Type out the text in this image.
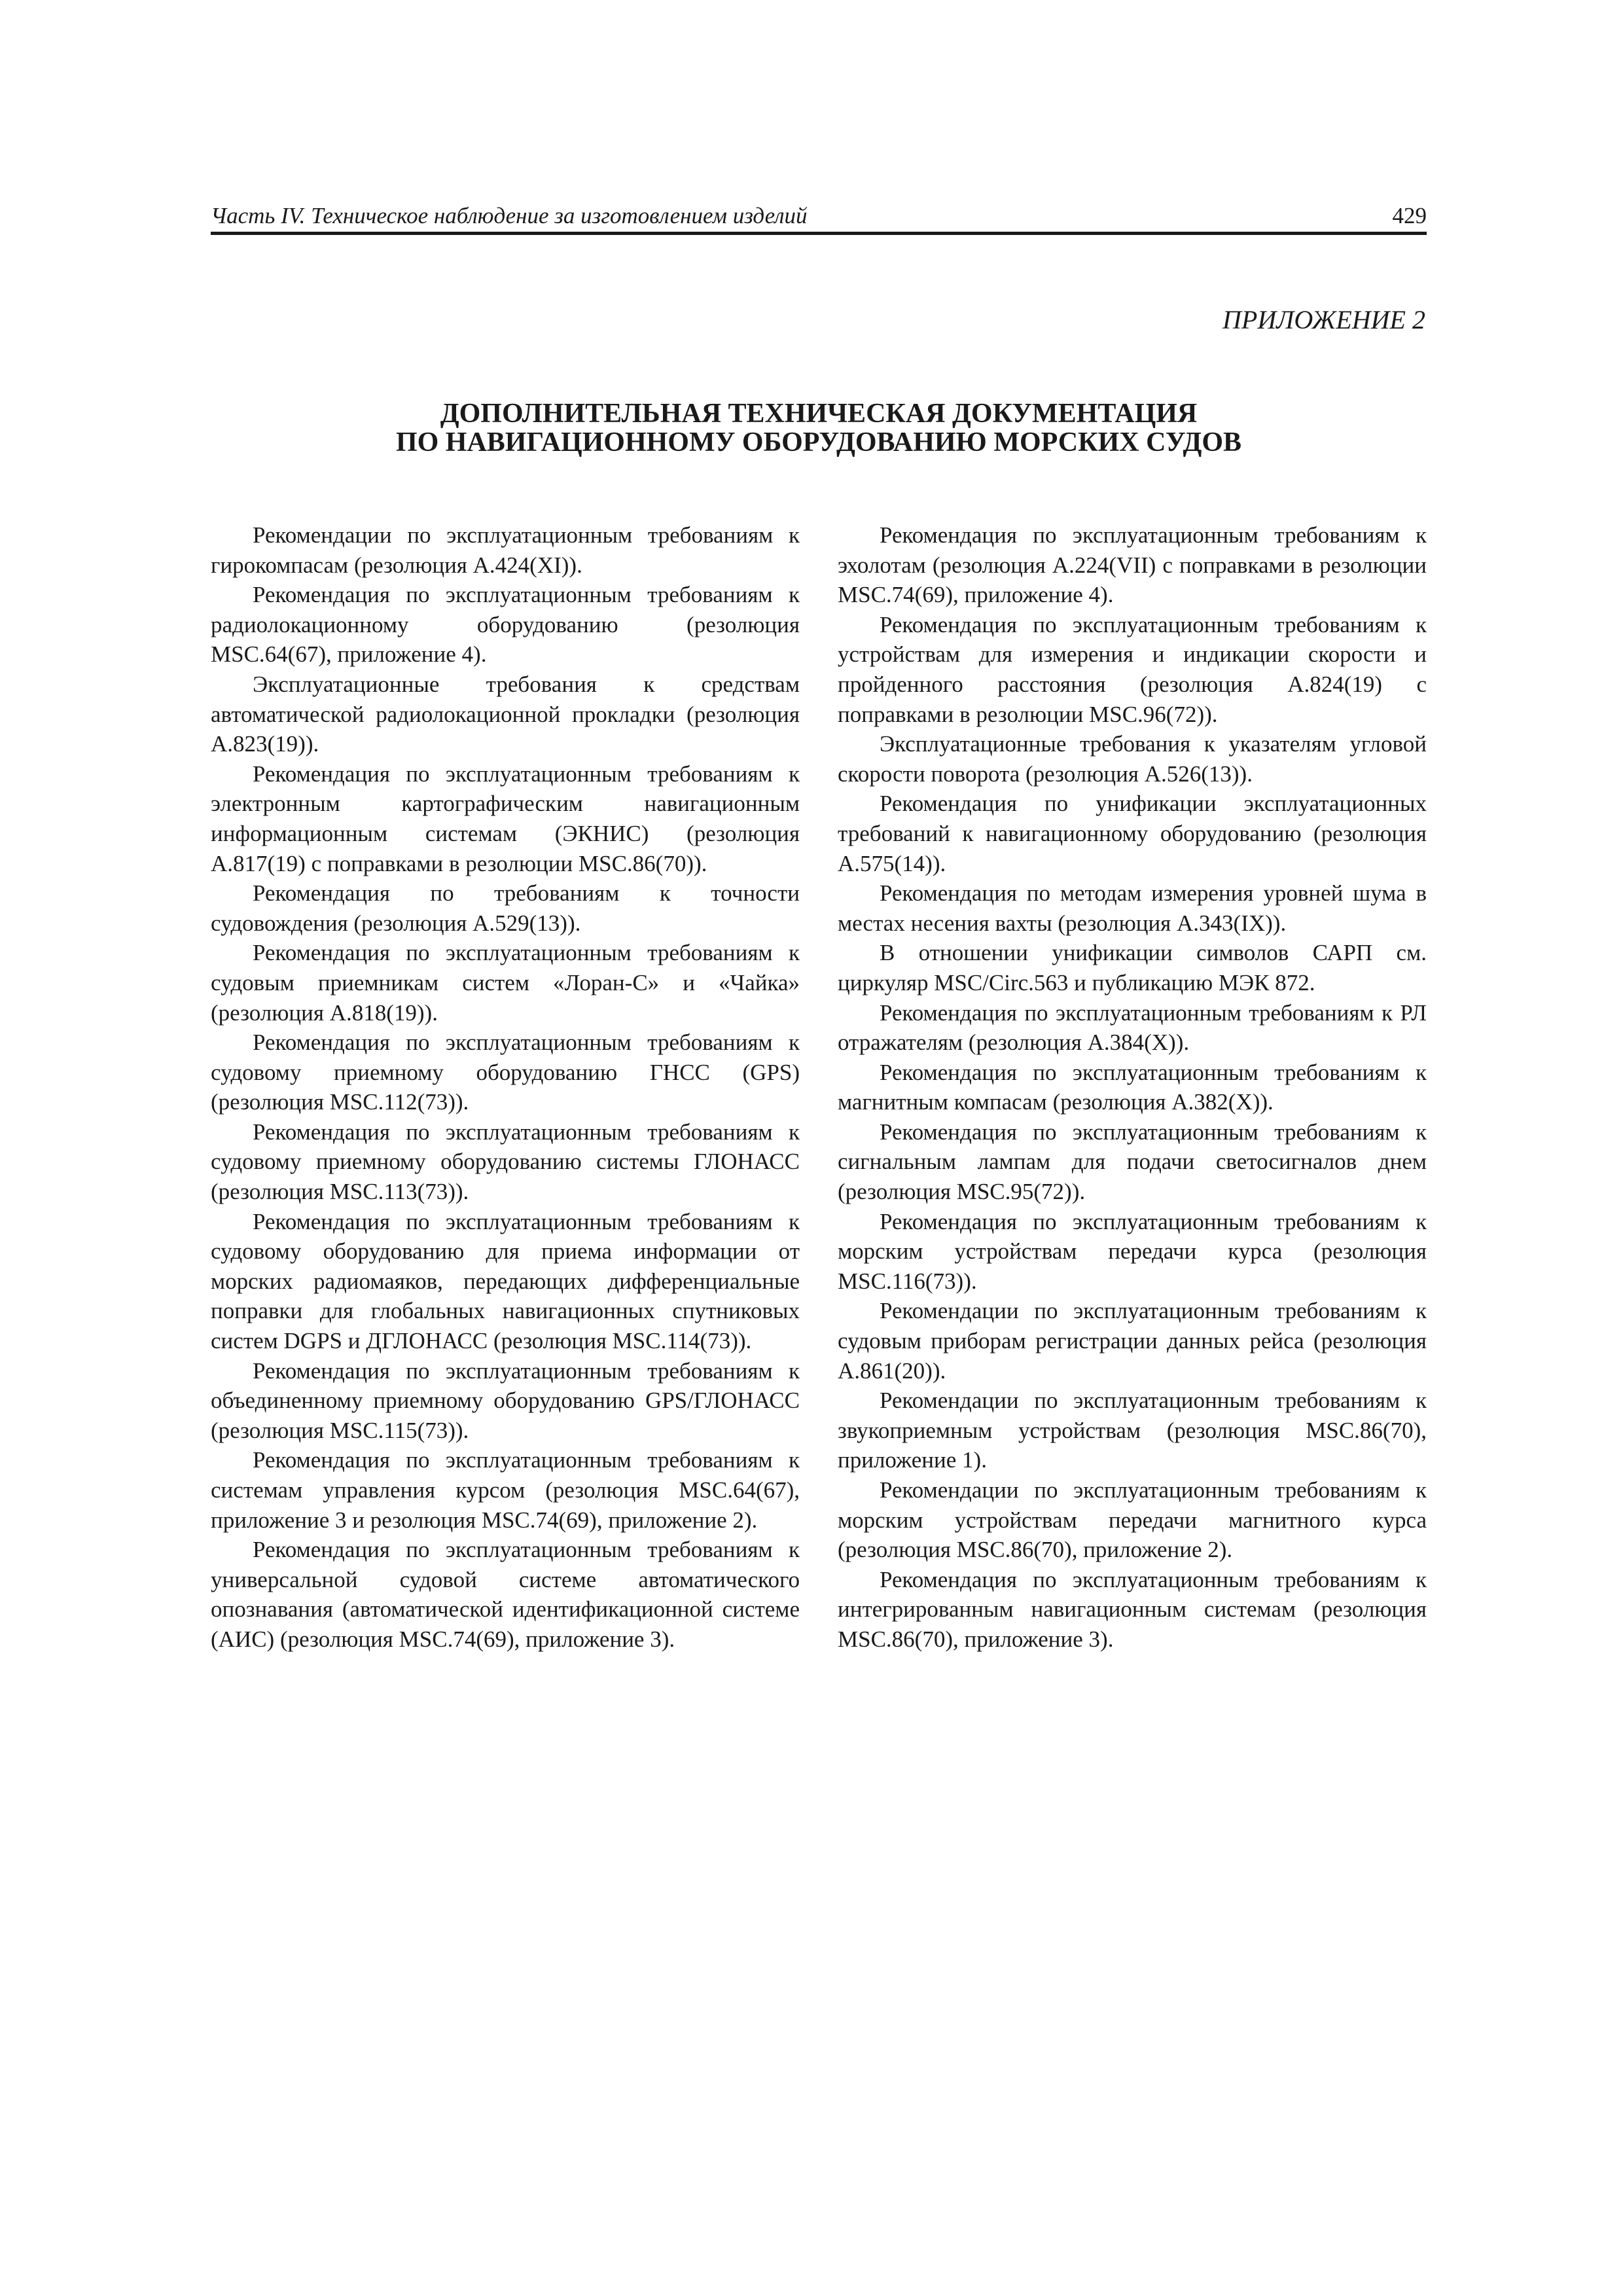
Часть IV. Техническое наблюдение за изготовлением изделий	429
ПРИЛОЖЕНИЕ 2
ДОПОЛНИТЕЛЬНАЯ ТЕХНИЧЕСКАЯ ДОКУМЕНТАЦИЯ
ПО НАВИГАЦИОННОМУ ОБОРУДОВАНИЮ МОРСКИХ СУДОВ

Рекомендации по эксплуатационным требованиям к гирокомпасам (резолюция A.424(XI)).

Рекомендация по эксплуатационным требованиям к радиолокационному оборудованию (резолюция MSC.64(67), приложение 4).

Эксплуатационные требования к средствам автоматической радиолокационной прокладки (резолюция A.823(19)).

Рекомендация по эксплуатационным требованиям к электронным картографическим навигационным информационным системам (ЭКНИС) (резолюция A.817(19) с поправками в резолюции MSC.86(70)).

Рекомендация по требованиям к точности судовождения (резолюция A.529(13)).

Рекомендация по эксплуатационным требованиям к судовым приемникам систем «Лоран-С» и «Чайка» (резолюция A.818(19)).

Рекомендация по эксплуатационным требованиям к судовому приемному оборудованию ГНСС (GPS) (резолюция MSC.112(73)).

Рекомендация по эксплуатационным требованиям к судовому приемному оборудованию системы ГЛОНАСС (резолюция MSC.113(73)).

Рекомендация по эксплуатационным требованиям к судовому оборудованию для приема информации от морских радиомаяков, передающих дифференциальные поправки для глобальных навигационных спутниковых систем DGPS и ДГЛОНАСС (резолюция MSC.114(73)).

Рекомендация по эксплуатационным требованиям к объединенному приемному оборудованию GPS/ГЛОНАСС (резолюция MSC.115(73)).

Рекомендация по эксплуатационным требованиям к системам управления курсом (резолюция MSC.64(67), приложение 3 и резолюция MSC.74(69), приложение 2).

Рекомендация по эксплуатационным требованиям к универсальной судовой системе автоматического опознавания (автоматической идентификационной системе (АИС) (резолюция MSC.74(69), приложение 3).

Рекомендация по эксплуатационным требованиям к эхолотам (резолюция A.224(VII) с поправками в резолюции MSC.74(69), приложение 4).

Рекомендация по эксплуатационным требованиям к устройствам для измерения и индикации скорости и пройденного расстояния (резолюция A.824(19) с поправками в резолюции MSC.96(72)).

Эксплуатационные требования к указателям угловой скорости поворота (резолюция A.526(13)).

Рекомендация по унификации эксплуатационных требований к навигационному оборудованию (резолюция A.575(14)).

Рекомендация по методам измерения уровней шума в местах несения вахты (резолюция A.343(IX)).

В отношении унификации символов САРП см. циркуляр MSC/Circ.563 и публикацию МЭК 872.

Рекомендация по эксплуатационным требованиям к РЛ отражателям (резолюция A.384(X)).

Рекомендация по эксплуатационным требованиям к магнитным компасам (резолюция A.382(X)).

Рекомендация по эксплуатационным требованиям к сигнальным лампам для подачи светосигналов днем (резолюция MSC.95(72)).

Рекомендация по эксплуатационным требованиям к морским устройствам передачи курса (резолюция MSC.116(73)).

Рекомендации по эксплуатационным требованиям к судовым приборам регистрации данных рейса (резолюция A.861(20)).

Рекомендации по эксплуатационным требованиям к звукоприемным устройствам (резолюция MSC.86(70), приложение 1).

Рекомендации по эксплуатационным требованиям к морским устройствам передачи магнитного курса (резолюция MSC.86(70), приложение 2).

Рекомендация по эксплуатационным требованиям к интегрированным навигационным системам (резолюция MSC.86(70), приложение 3).
